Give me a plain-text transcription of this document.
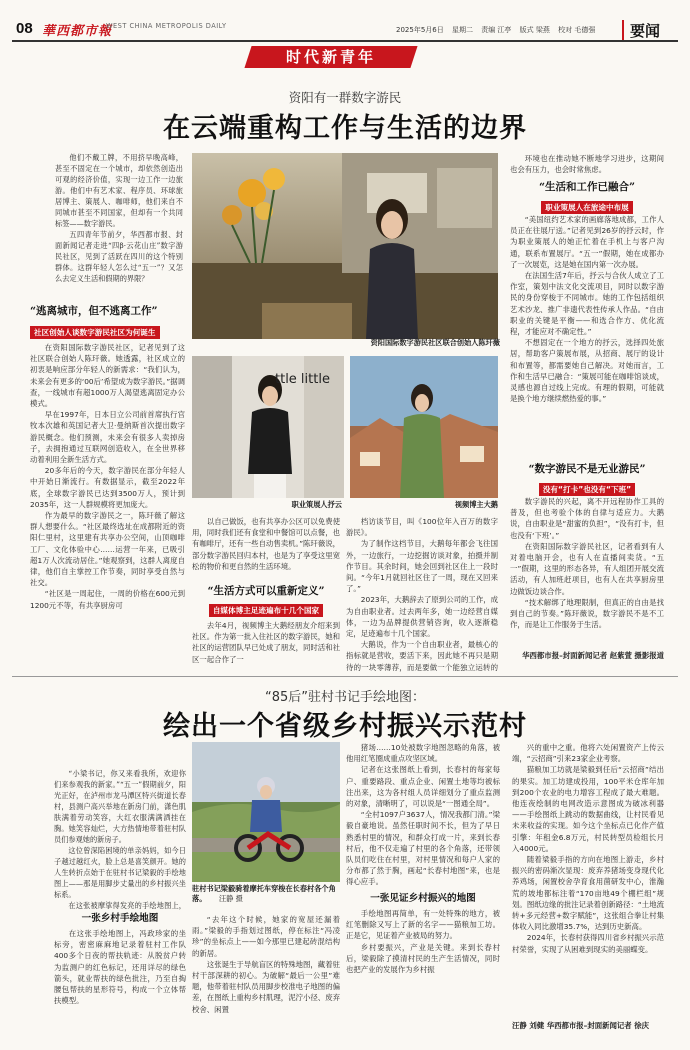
08 華西都市報
WEST CHINA METROPOLIS DAILY	2025年5月6日 星期二 责编 江亭 版式 梁燕 校对 毛德强	要闻
时代新青年
资阳有一群数字游民
在云端重构工作与生活的边界

他们不戴工牌，不用挤早晚高峰，甚至不固定在一个城市，却依然创造出可观的经济价值，实现一边工作一边旅游。他们中有艺术家、程序员、环球旅居博主、策展人、咖啡师，他们来自不同城市甚至不同国家，但却有一个共同标签——数字游民。

五四青年节前夕，华西都市报、封面新闻记者走进“四β·云花山庄”数字游民社区，见到了活跃在四川的这个特别群体。这群年轻人怎么过“五一”？又怎么去定义生活和假期的界限？

“逃离城市，但不逃离工作”
社区创始人谈数字游民社区为何诞生

在资阳国际数字游民社区，记者见到了这社区联合创始人陈玕薇。她透露，社区成立的初衷是响应部分年轻人的新需求：“我们认为，未来会有更多的‘00后’希望成为数字游民。”据调查，一线城市有超1000万人渴望逃离固定办公模式。

早在1997年，日本日立公司前首席执行官牧本次雄和英国记者大卫·曼纳斯首次提出数字游民概念。他们预测，未来会有很多人卖掉房子，去拥抱通过互联网创造收入，在全世界移动着利用全新生活方式。

20多年后的今天，数字游民在部分年轻人中开始日渐流行。有数据显示，截至2022年底，全球数字游民已达到3500万人，预计到2035年，这一人群规模将更加庞大。

作为最早的数字游民之一，陈玕薇了解这群人想要什么。“社区最终选址在成都附近的资阳仁里村，这里建有共享办公空间，山顶咖啡工厂、文化体验中心……运营一年来，已吸引超1万人次流动居住。”她观察到，这群人离度自律，他们自主掌控工作节奏，同时享受自然与社交。

“社区是一周起住，一周的价格在600元到1200元不等，有共享厨房可

资阳国际数字游民社区联合创始人陈玕薇
ttle little
职业策展人抒云	视频博主大鹅

以自己做饭，也有共享办公区可以免费使用，同时我们还有食堂和中餐馆可以点餐，也有咖啡厅，还有一些自动售卖机。”陈玕薇说，部分数字游民回归本村，也是为了享受这里宽松的物价和更自然的生活环境。

“生活方式可以重新定义”
自媒体博主足迹遍布十几个国家

去年4月，视频博主大鹅经朋友介绍来到社区。作为第一批入住社区的数字游民，她和社区的运营团队早已处成了朋友，同时活和社区一起合作了一

档访谈节目，叫《100位年入百万的数字游民》。

为了制作这档节目，大鹅每年都会飞往国外，一边旅行，一边挖掘访谈对象，拍摄并制作节目。其余时间，她会回到社区住上一段时间。“今年1月就回社区住了一周，现在又回来了。”

2023年，大鹅辞去了原到公司的工作，成为自由职业者。过去两年多，她一边经营自媒体，一边为品牌提供营销咨询，收入逐渐稳定，足迹遍布十几个国家。

大鹅说，作为一个自由职业者，最核心的指标就是营收，要活下来，因此她不再只是期待的一块零薄荐，而是要做一个能独立运转的

环境也在推动她不断地学习进步，这期间也会有压力，也会时常焦虑。

“生活和工作已融合”
职业策展人在旅途中布展

“美国纽约艺术家的画廊落地成都，工作人员正在往展厅送。”记者见到26岁的抒云时，作为职业策展人的她正忙着在手机上与客户沟通，联系布置展厅。“五一”假期，她在成都办了一次展览，这是她在国内第一次办展。

在法国生活7年后，抒云与合伙人成立了工作室，策划中法文化交流项目，同时以数字游民的身份穿梭于不同城市。她的工作包括组织艺术沙龙、推广非遗代表性传承人作品。“自由职业的关键是平衡——和选合作方、优化流程，才能应对不确定性。”

不想固定在一个地方的抒云，选择四处旅居，帮助客户策展布展，从招商、展厅的设计和布置等，都需要她自己解决。对她而言，工作和生活早已融合：“策展可能在咖啡馆谈成，灵感也源自过线上完成。有理的假期，可能就是换个地方继续燃热爱的事。”

“数字游民不是无业游民”
没有“打卡”也没有“下班”

数字游民的兴起，离不开远程协作工具的普及，但也考验个体的自律与适应力。大鹅说，自由职业是“甜蜜的负担”，“没有打卡，但也没有‘下班’。”

在资阳国际数字游民社区，记者看到有人对着电脑开会，也有人在直播间卖货。“五一”假期，这里的形态各异，有人组团开展交流活动，有人加班赶项目，也有人在共享厨房里边做饭边谈合作。

“技术解绑了地理限制，但真正的自由是找到自己的节奏。”陈玕薇说，数字游民不是不工作，而是让工作服务于生活。

华西都市报–封面新闻记者 赵紫萱 摄影报道
“85后”驻村书记手绘地图：
绘出一个省级乡村振兴示范村

“小梁书记，你又来看我所，欢迎你们来参观我的新家。”“五一”假期前夕，阳光正好，在泸州市龙马潭区特兴街道长春村，县测户高兴举地在新房门前，潇色肌肤满着劳动笑容，大红衣服满满洒挂在胸。她笑容灿烂，大方热情地带着驻村队员们参观她的新房子。

这位曾深陷困境的单亲妈妈，如今日子越过越红火，脸上总是喜笑颜开。她的人生转折点始于在驻村书记梁毅的手绘地图上——那是用脚步丈量出的乡村振兴坐标系。

在这张被摩挲得发亮的手绘地图上，

一张乡村手绘地图

在这张手绘地图上，冯政珍家的坐标旁，密密麻麻地记录着驻村工作队400多个日夜的帮扶轨迹：从脱贫户转为监测户的红色标记，还用详尽的绿色箭头，就业帮扶的绿色批注，乃至自掏腰包帮扶的星形符号，构成一个立体帮扶模型。

驻村书记梁毅骑着摩托车穿梭在长春村各个角落。 汪静 摄

“去年这个时候，她家的宽屋还漏着雨。”梁毅的手指划过图纸，停在标注“冯凌珍”的坐标点上——如今那里已建起砖混结构的新居。

这张诞生于导航盲区的特殊地图，藏着驻村干部深耕的初心。为破解“最后一公里”难题，他带着驻村队员用脚步校准电子地图的偏差，在图纸上重构乡村肌理，泥泞小径、废弃校舍、闲置

猪场……10处被数字地图忽略的角落，被他用红笔圈成重点攻坚区域。

记者在这张图纸上看到，长春村的每家每户、重要路段、重点企业、闲置土地等均被标注出来，这为各村组人员详细划分了重点监测的对象，清晰明了，可以说是“一图通全局”。

“全村1097户3637人，情况我都门清。”梁毅自豪地说。虽然任职时间不长，但为了早日熟悉村里的情况，和群众打成一片，来到长春村后，他不仅走遍了村里的各个角落，还带领队员们吃住在村里，对村里情况和每户人家的分布都了然于胸，画起“长春村地图”来，也是得心应手。

一张见证乡村振兴的地图

手绘地图再简单，有一处特殊的地方，被红笔删除又写上了新的名字——猫粮加工坊。正是它，见证着产业被局的努力。

乡村要振兴，产业是关键。来到长春村后，梁毅除了摸清村民的生产生活情况，同时也把产业的发展作为乡村振

兴的重中之重。他将六处闲置资产上传云端，“云招商”引来23家企业考察。

猫粮加工坊就是梁毅到任后“云招商”结出的果实。加工坊建成投用，100平米仓库年加到200个农业的电力增容工程成了最大难题。他连夜绘制的电网改造示意图成为破冰利器——手绘图纸上跳动的数据曲线，让村民看见未来收益的实现。如今这个坐标点已化作产值引擎：年租金6.8万元，村民转型员检组长月入4000元。

随着梁毅手指的方向在地图上游走，乡村振兴的密码渐次显现：废弃养猪场变身现代化养鸡场，闲置校舍孕育食用菌研发中心，淮瀚荒的坡地都标注着“170亩地49个棚栏组”规划。图纸边缘的批注记录着创新路径：“土地流转+多元经营+数字赋能”，这张组合拳让村集体收入同比激增35.7%，达到历史新高。

2024年，长春村获得四川省乡村振兴示范村荣誉，实现了从困难到现实的美丽蝶变。

汪静 刘健 华西都市报–封面新闻记者 徐庆
